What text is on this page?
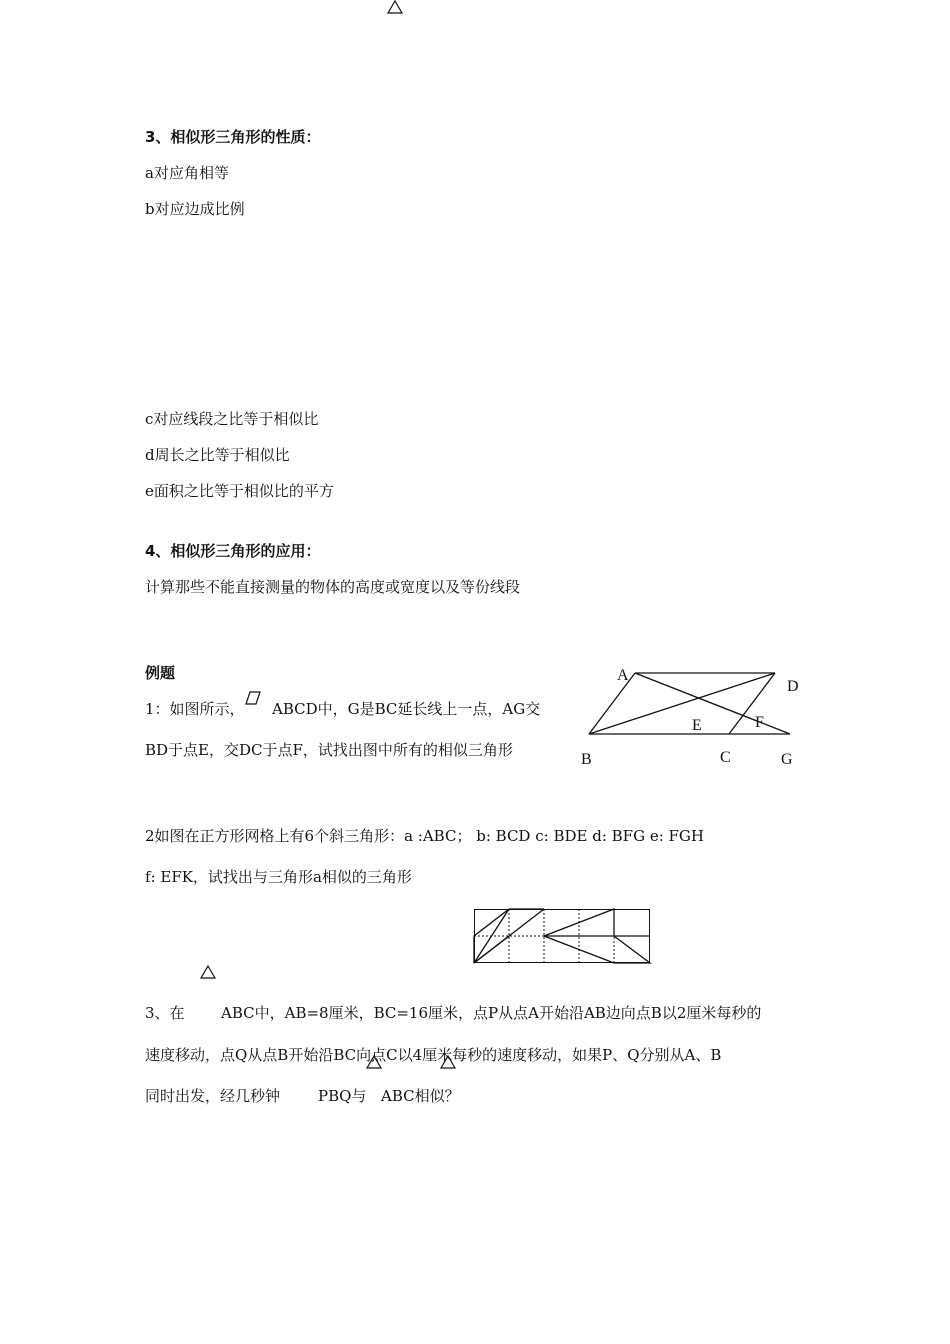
3、相似形三角形的性质：
a对应角相等
b对应边成比例
c对应线段之比等于相似比
d周长之比等于相似比
e面积之比等于相似比的平方
4、相似形三角形的应用：
计算那些不能直接测量的物体的高度或宽度以及等份线段
例题
1：如图所示， ABCD中，G是BC延长线上一点，AG交
BD于点E，交DC于点F，试找出图中所有的相似三角形
A
D
E	F
B	C	G
2如图在正方形网格上有6个斜三角形：a :ABC； b: BCD c: BDE d: BFG e: FGH
f: EFK，试找出与三角形a相似的三角形
3、在 ABC中，AB=8厘米，BC=16厘米，点P从点A开始沿AB边向点B以2厘米每秒的
速度移动，点Q从点B开始沿BC向点C以4厘米每秒的速度移动，如果P、Q分别从A、B
同时出发，经几秒钟	PBQ与 ABC相似？
